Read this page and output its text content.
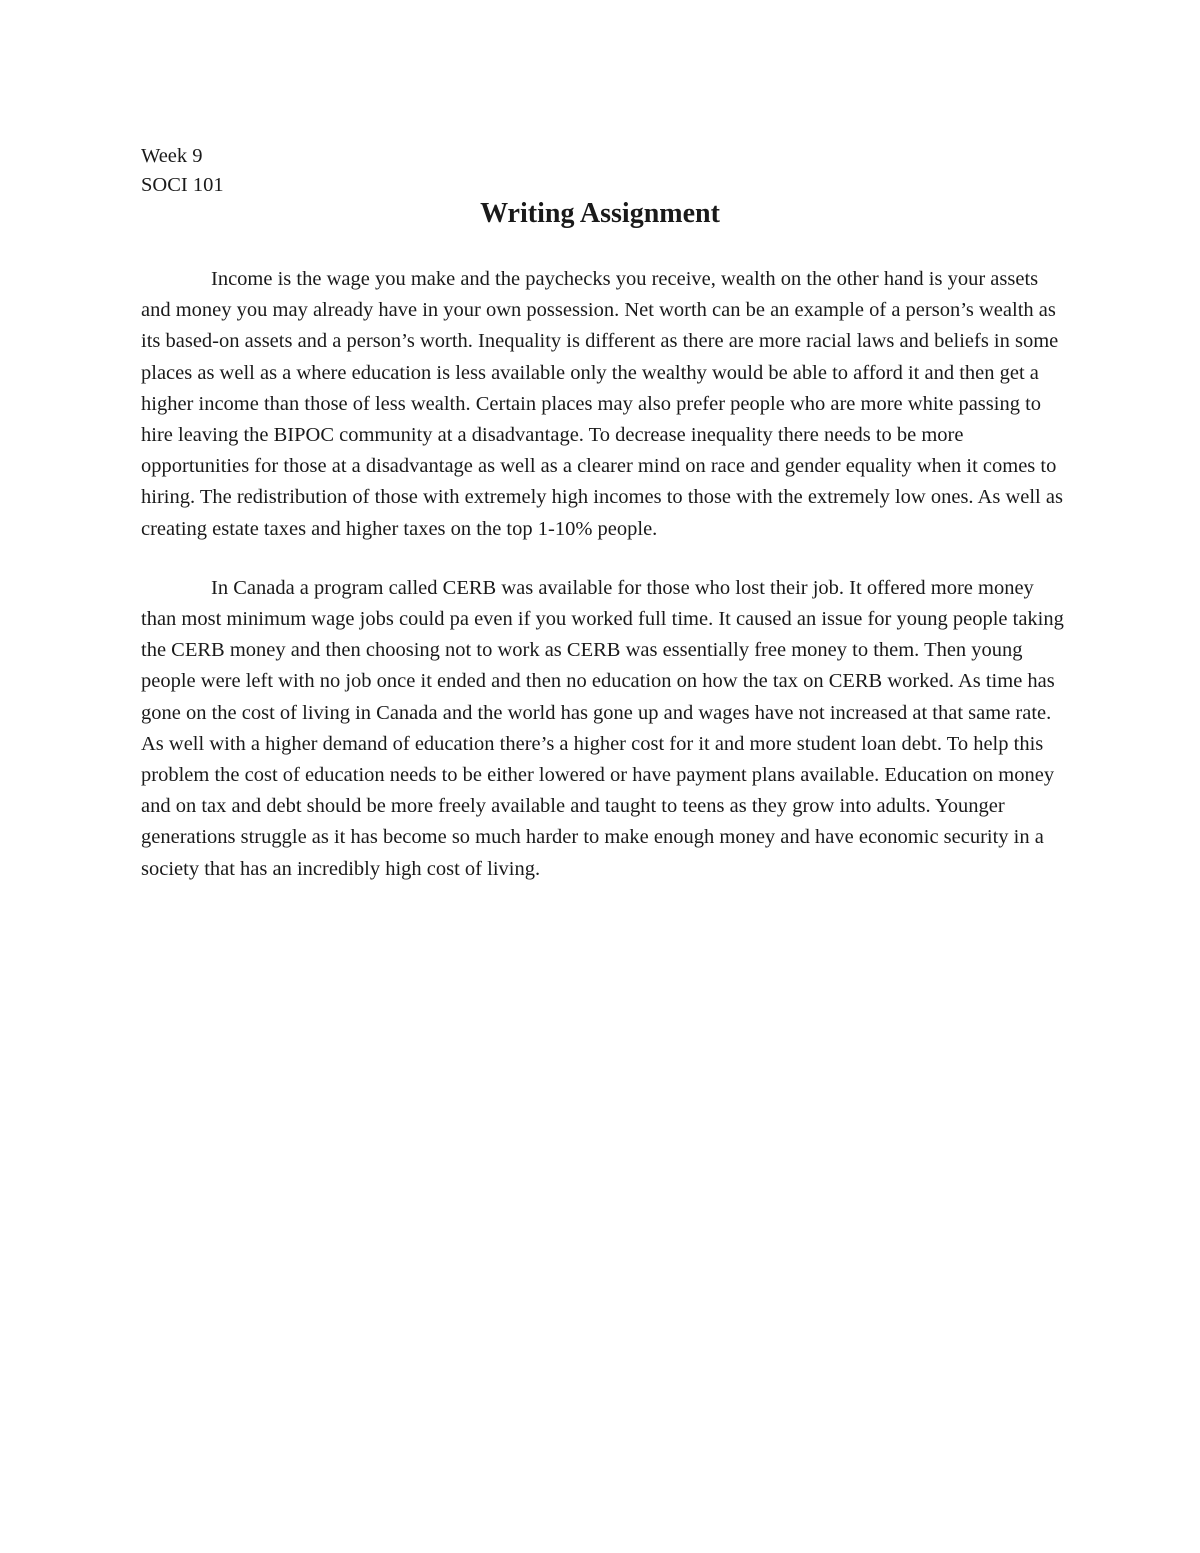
Week 9
SOCI 101
Writing Assignment

Income is the wage you make and the paychecks you receive, wealth on the other hand is your assets and money you may already have in your own possession. Net worth can be an example of a person’s wealth as its based-on assets and a person’s worth. Inequality is different as there are more racial laws and beliefs in some places as well as a where education is less available only the wealthy would be able to afford it and then get a higher income than those of less wealth. Certain places may also prefer people who are more white passing to hire leaving the BIPOC community at a disadvantage. To decrease inequality there needs to be more opportunities for those at a disadvantage as well as a clearer mind on race and gender equality when it comes to hiring. The redistribution of those with extremely high incomes to those with the extremely low ones. As well as creating estate taxes and higher taxes on the top 1-10% people.

In Canada a program called CERB was available for those who lost their job. It offered more money than most minimum wage jobs could pa even if you worked full time. It caused an issue for young people taking the CERB money and then choosing not to work as CERB was essentially free money to them. Then young people were left with no job once it ended and then no education on how the tax on CERB worked. As time has gone on the cost of living in Canada and the world has gone up and wages have not increased at that same rate. As well with a higher demand of education there’s a higher cost for it and more student loan debt. To help this problem the cost of education needs to be either lowered or have payment plans available. Education on money and on tax and debt should be more freely available and taught to teens as they grow into adults. Younger generations struggle as it has become so much harder to make enough money and have economic security in a society that has an incredibly high cost of living.
